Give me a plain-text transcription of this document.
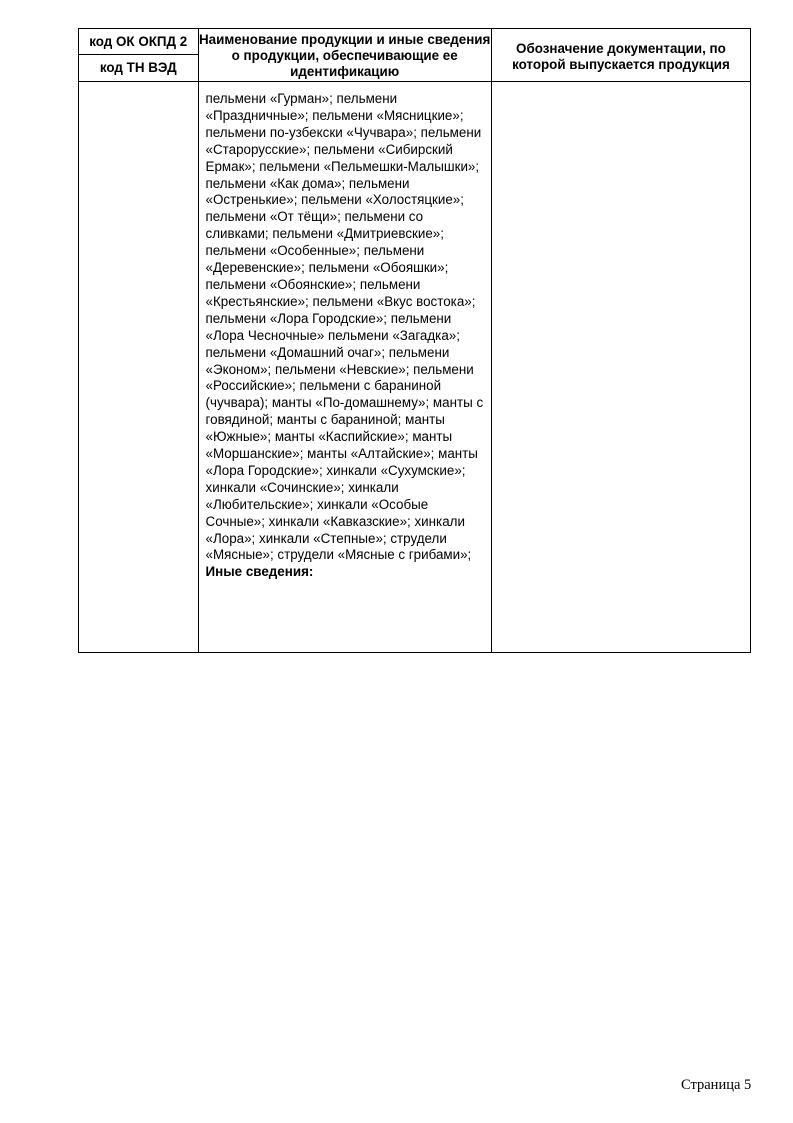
код ОК ОКПД 2	Наименование продукции и иные сведения о продукции, обеспечивающие ее идентификацию	Обозначение документации, по которой выпускается продукция
код ТН ВЭД		
	пельмени «Гурман»; пельмени «Праздничные»; пельмени «Мясницкие»; пельмени по-узбекски «Чучвара»; пельмени «Старорусские»; пельмени «Сибирский Ермак»; пельмени «Пельмешки-Малышки»; пельмени «Как дома»; пельмени «Остренькие»; пельмени «Холостяцкие»; пельмени «От тёщи»; пельмени со сливками; пельмени «Дмитриевские»; пельмени «Особенные»; пельмени «Деревенские»; пельмени «Обояшки»; пельмени «Обоянские»; пельмени «Крестьянские»; пельмени «Вкус востока»; пельмени «Лора Городские»; пельмени «Лора Чесночные» пельмени «Загадка»; пельмени «Домашний очаг»; пельмени «Эконом»; пельмени «Невские»; пельмени «Российские»; пельмени с бараниной (чучвара); манты «По-домашнему»; манты с говядиной; манты с бараниной; манты «Южные»; манты «Каспийские»; манты «Моршанские»; манты «Алтайские»; манты «Лора Городские»; хинкали «Сухумские»; хинкали «Сочинские»; хинкали «Любительские»; хинкали «Особые Сочные»; хинкали «Кавказские»; хинкали «Лора»; хинкали «Степные»; струдели «Мясные»; струдели «Мясные с грибами»;
Иные сведения:	

Страница 5
